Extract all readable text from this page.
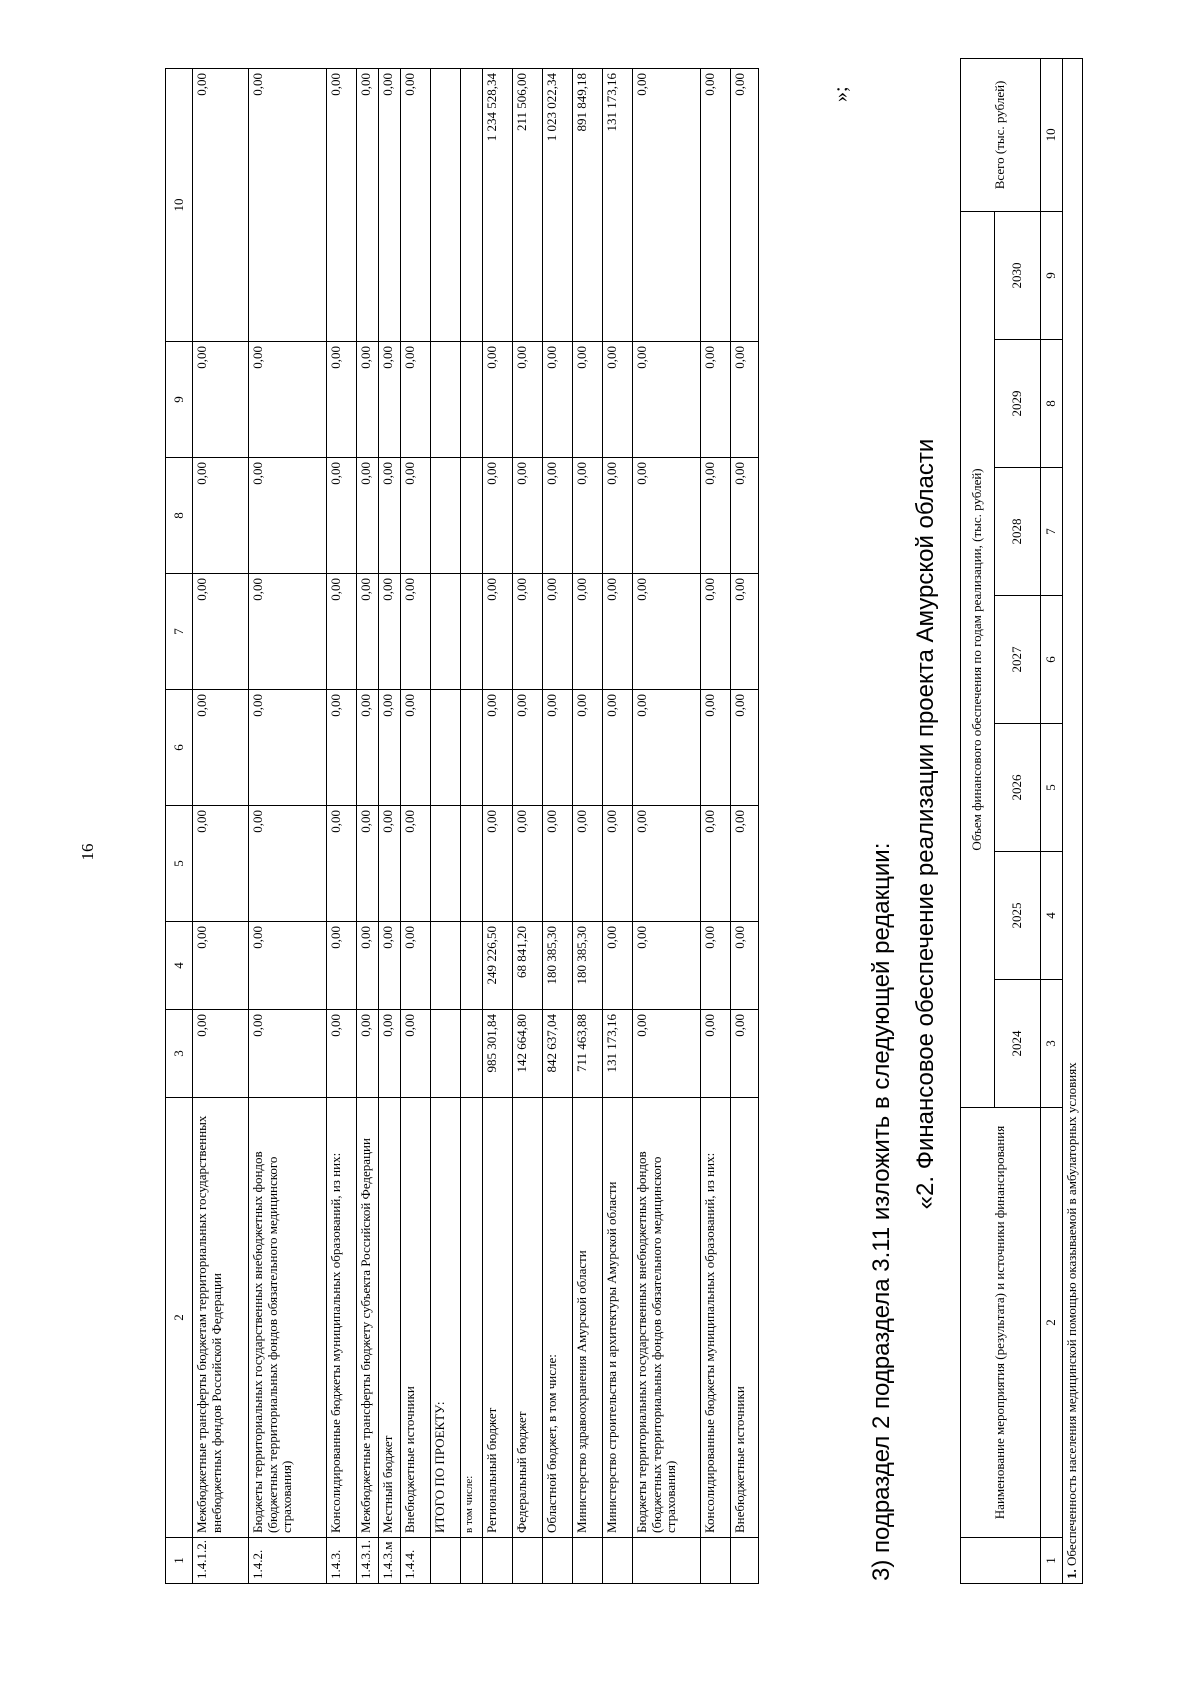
16
1	2	3	4	5	6	7	8	9	10
1.4.1.2.	Межбюджетные трансферты бюджетам территориальных государственных внебюджетных фондов Российской Федерации	0,00	0,00	0,00	0,00	0,00	0,00	0,00	0,00
1.4.2.	Бюджеты территориальных государственных внебюджетных фондов (бюджетных территориальных фондов обязательного медицинского страхования)	0,00	0,00	0,00	0,00	0,00	0,00	0,00	0,00
1.4.3.	Консолидированные бюджеты муниципальных образований, из них:	0,00	0,00	0,00	0,00	0,00	0,00	0,00	0,00
1.4.3.1.	Межбюджетные трансферты бюджету субъекта Российской Федерации	0,00	0,00	0,00	0,00	0,00	0,00	0,00	0,00
1.4.3.м	Местный бюджет	0,00	0,00	0,00	0,00	0,00	0,00	0,00	0,00
1.4.4.	Внебюджетные источники	0,00	0,00	0,00	0,00	0,00	0,00	0,00	0,00
	ИТОГО ПО ПРОЕКТУ:								
	в том числе:								
	Региональный бюджет	985 301,84	249 226,50	0,00	0,00	0,00	0,00	0,00	1 234 528,34
	Федеральный бюджет	142 664,80	68 841,20	0,00	0,00	0,00	0,00	0,00	211 506,00
	Областной бюджет, в том числе:	842 637,04	180 385,30	0,00	0,00	0,00	0,00	0,00	1 023 022,34
	Министерство здравоохранения Амурской области	711 463,88	180 385,30	0,00	0,00	0,00	0,00	0,00	891 849,18
	Министерство строительства и архитектуры Амурской области	131 173,16	0,00	0,00	0,00	0,00	0,00	0,00	131 173,16
	Бюджеты территориальных государственных внебюджетных фондов (бюджетных территориальных фондов обязательного медицинского страхования)	0,00	0,00	0,00	0,00	0,00	0,00	0,00	0,00
	Консолидированные бюджеты муниципальных образований, из них:	0,00	0,00	0,00	0,00	0,00	0,00	0,00	0,00
	Внебюджетные источники	0,00	0,00	0,00	0,00	0,00	0,00	0,00	0,00	»;
3) подраздел 2 подраздела 3.11 изложить в следующей редакции:
«2. Финансовое обеспечение реализации проекта Амурской области
	Наименование мероприятия (результата) и источники финансирования	Объем финансового обеспечения по годам реализации, (тыс. рублей)							Всего (тыс. рублей)
		2024	2025	2026	2027	2028	2029	2030	
1	2	3	4	5	6	7	8	9	10
1. Обеспеченность населения медицинской помощью оказываемой в амбулаторных условиях									
